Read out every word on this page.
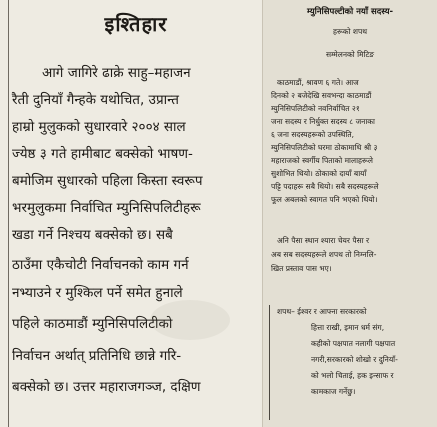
इश्तिहार
आगे जागिरे ढाक्रे साहु–महाजन
रैती दुनियाँ गैन्हके यथोचित, उप्रान्त
हाम्रो मुलुकको सुधारवारे २००४ साल
ज्येष्ठ ३ गते हामीबाट बक्सेको भाषण-
बमोजिम सुधारको पहिला किस्ता स्वरूप
भरमुलुकमा निर्वाचित म्युनिसिपलिटीहरू
खडा गर्ने निश्चय बक्सेको छ। सबै
ठाउँमा एकैचोटी निर्वाचनको काम गर्न
नभ्याउने र मुश्किल पर्ने समेत हुनाले
पहिले काठमाडौं म्युनिसिपलिटीको
निर्वाचन अर्थात् प्रतिनिधि छान्ने गरि-
बक्सेको छ। उत्तर महाराजगञ्ज, दक्षिण
म्युनिसिपल्टीको नयाँ सदस्य-
हरूको शपथ
सम्मेलनको मिटिङ
काठमाडौं, श्रावण ६ गते। आज
दिनको २ बजेदेखि सवभन्दा काठमाडौं
म्युनिसिपलिटीको नवनिर्वाचित २१
जना सदस्य र निर्धुक्त सदस्य ८ जनाका
६ जना सदस्यहरूको उपस्थिति,
म्युनिसिपलिटीको घरमा ठोकामाथि श्री ३
महाराजको स्वर्गीय पिताको मालाहरूले
सुशोभित थियो। ठोकाको दायाँ बायाँ
पट्टि पदाहरू सबै थियो। सबै सदस्यहरूले
फूल अबलको स्वागत पनि भएको थियो।
अनि पैसा स्थान श्यारा चेयर पैसा र
अब सब सदस्यहरूले शपथ तो निम्नलि-
खित प्रस्ताव पास भए।
शपथ– ईश्वर र आफ्ना सरकारको
हित्ता राखी, इमान धर्म संग,
कहीको पक्षपात नलागी पक्षपात
नगरी,सरकारको शोखो र दुनियाँ-
को भलो चिताई, हक इन्साफ र
कामकाज गर्नेछु।
